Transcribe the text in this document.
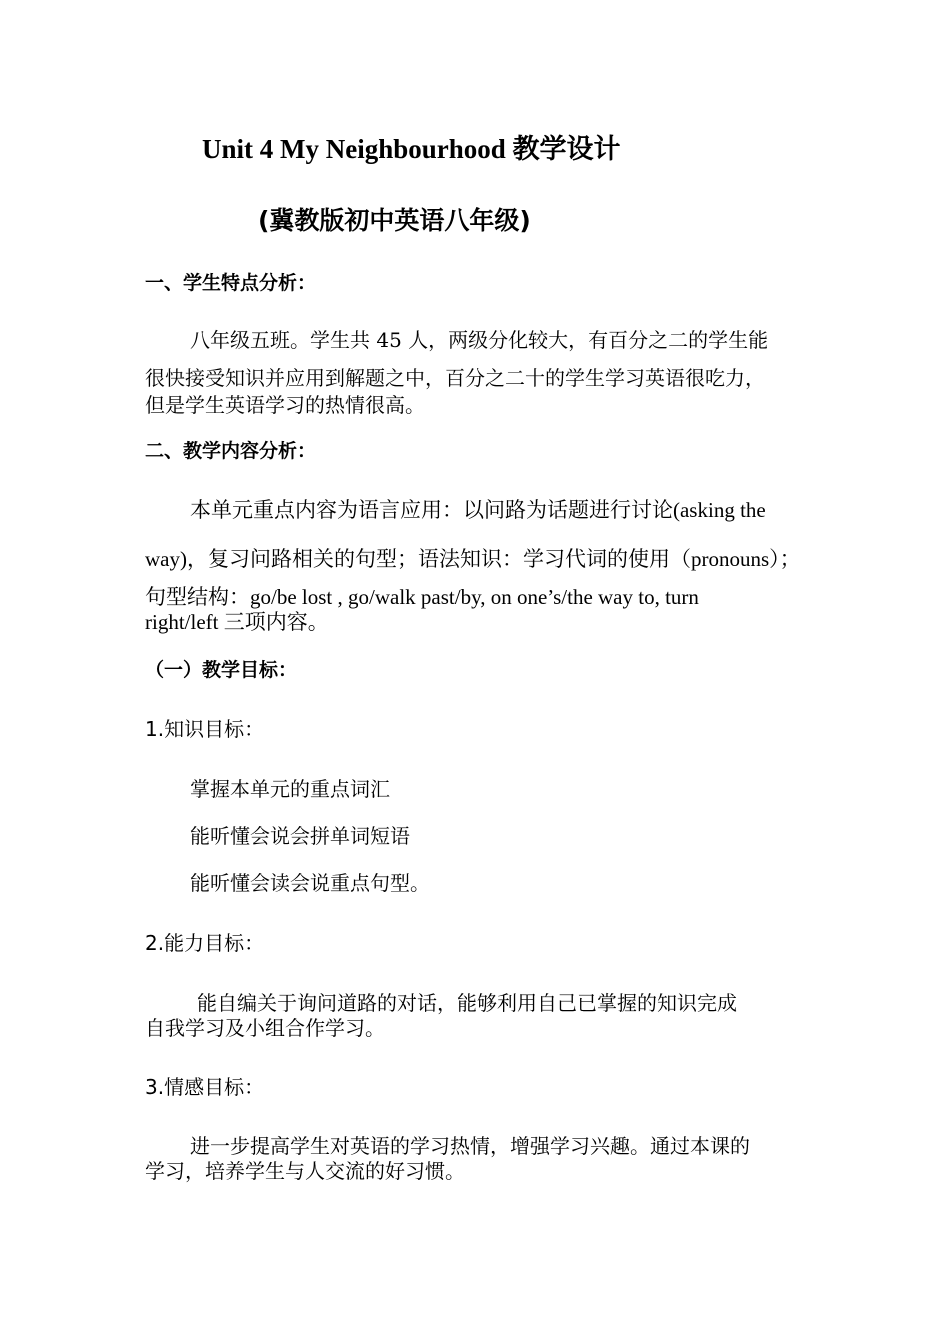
Unit 4 My Neighbourhood 教学设计
(冀教版初中英语八年级)
一、学生特点分析：
八年级五班。学生共 45 人，两级分化较大，有百分之二的学生能
很快接受知识并应用到解题之中，百分之二十的学生学习英语很吃力，
但是学生英语学习的热情很高。
二、教学内容分析：
本单元重点内容为语言应用：以问路为话题进行讨论(asking the
way)，复习问路相关的句型；语法知识：学习代词的使用（pronouns）；
句型结构：go/be lost , go/walk past/by, on one’s/the way to, turn
right/left 三项内容。
（一）教学目标：
1.知识目标：
掌握本单元的重点词汇
能听懂会说会拼单词短语
能听懂会读会说重点句型。
2.能力目标：
能自编关于询问道路的对话，能够利用自己已掌握的知识完成
自我学习及小组合作学习。
3.情感目标：
进一步提高学生对英语的学习热情，增强学习兴趣。通过本课的
学习，培养学生与人交流的好习惯。
